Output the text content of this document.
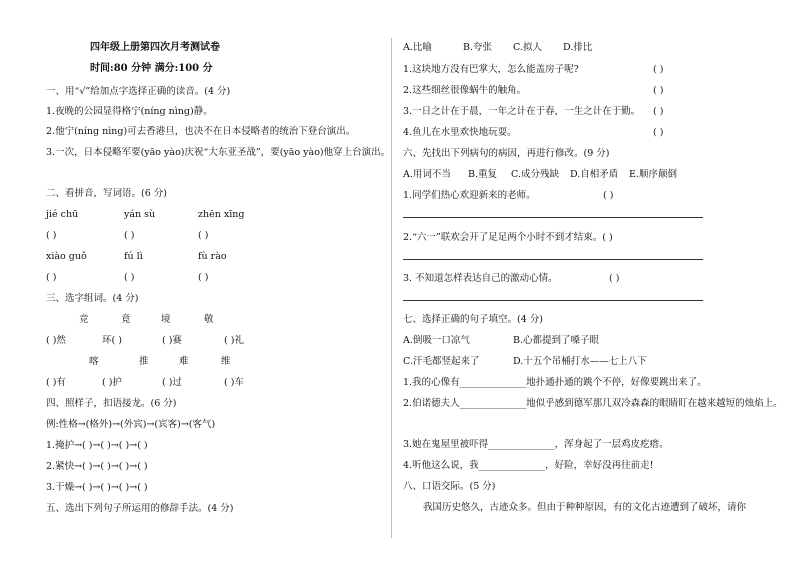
四年级上册第四次月考测试卷
时间:80 分钟 满分:100 分
一、用“√”给加点字选择正确的读音。(4 分)
1.夜晚的公园显得格宁(níng nìng)静。
2.他宁(níng nìng)可去香港旦，也决不在日本侵略者的统治下登台演出。
3.一次，日本侵略军要(yāo yào)庆祝“大东亚圣战”，要(yāo yào)他穿上台演出。
二、看拼音，写词语。(6 分)
jié chū	yán sù	zhēn xīng
( )	( )	( )
xiào guǒ	fú lì	fù rào
( )	( )	( )
三、选字组词。(4 分)
竞	竟	境	敬
( )然	环( )	( )赛	( )礼
喀	推	难	维
( )有	( )护	( )过	( )车
四、照样子，扣语接龙。(6 分)
例:性格→(格外)→(外宾)→(宾客)→(客气)
1.掩护→( )→( )→( )→( )
2.紧快→( )→( )→( )→( )
3.干燥→( )→( )→( )→( )
五、选出下列句子所运用的修辞手法。(4 分)
A.比喻	B.夸张 C.拟人 D.排比
1.这块地方没有巴掌大，怎么能盖房子呢?	( )
2.这些细丝很像蜗牛的触角。	( )
3.一日之计在于晨，一年之计在于春，一生之计在于勤。 ( )
4.鱼儿在水里欢快地玩耍。	( )
六、先找出下列病句的病因，再进行修改。(9 分)
A.用词不当 B.重复 C.成分残缺 D.自相矛盾 E.顺序颠倒
1.同学们热心欢迎新来的老师。	( )
2.“六一”联欢会开了足足两个小时不到才结束。( )
3. 不知道怎样表达自己的激动心情。	( )
七、选择正确的句子填空。(4 分)
A.倒吸一口凉气	B.心都提到了嗓子眼
C.汗毛都竖起来了	D.十五个吊桶打水——七上八下
1.我的心像有______________地扑通扑通的跳个不停，好像要跳出来了。
2.伯诺德夫人______________地似乎感到德军那几双冷森森的眼睛盯在越来越短的烛焰上。
3.她在鬼屋里被吓得______________，浑身起了一层鸡皮疙瘩。
4.听他这么说，我______________，好险，幸好没再往前走!
八、口语交际。(5 分)
我国历史悠久，古迹众多。但由于种种原因，有的文化古迹遭到了破坏，请你
